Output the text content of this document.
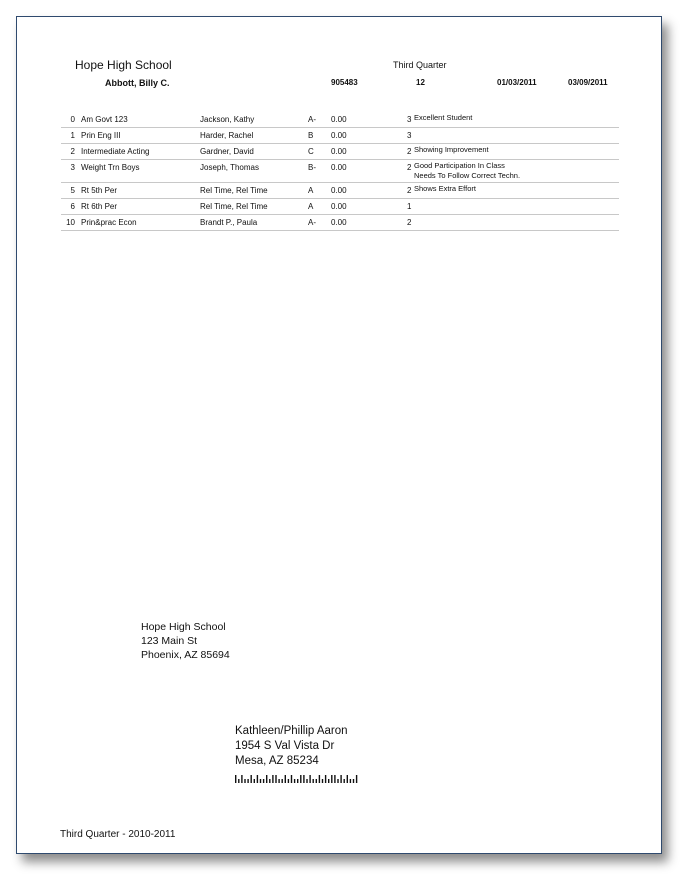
Hope High School	Third Quarter
Abbott, Billy C.	905483	12	01/03/2011	03/09/2011
0 Am Govt 123	Jackson, Kathy	A- 0.00	3 Excellent Student
1 Prin Eng III	Harder, Rachel	B 0.00	3
2 Intermediate Acting	Gardner, David	C 0.00	2 Showing Improvement
3 Weight Trn Boys	Joseph, Thomas	B- 0.00	2 Good Participation In Class
Needs To Follow Correct Techn.
5 Rt 5th Per	Rel Time, Rel Time	A 0.00	2 Shows Extra Effort
6 Rt 6th Per	Rel Time, Rel Time	A 0.00	1
10 Prin&prac Econ	Brandt P., Paula	A- 0.00	2
Hope High School
123 Main St
Phoenix, AZ 85694
Kathleen/Phillip Aaron
1954 S Val Vista Dr
Mesa, AZ 85234
Third Quarter - 2010-2011
